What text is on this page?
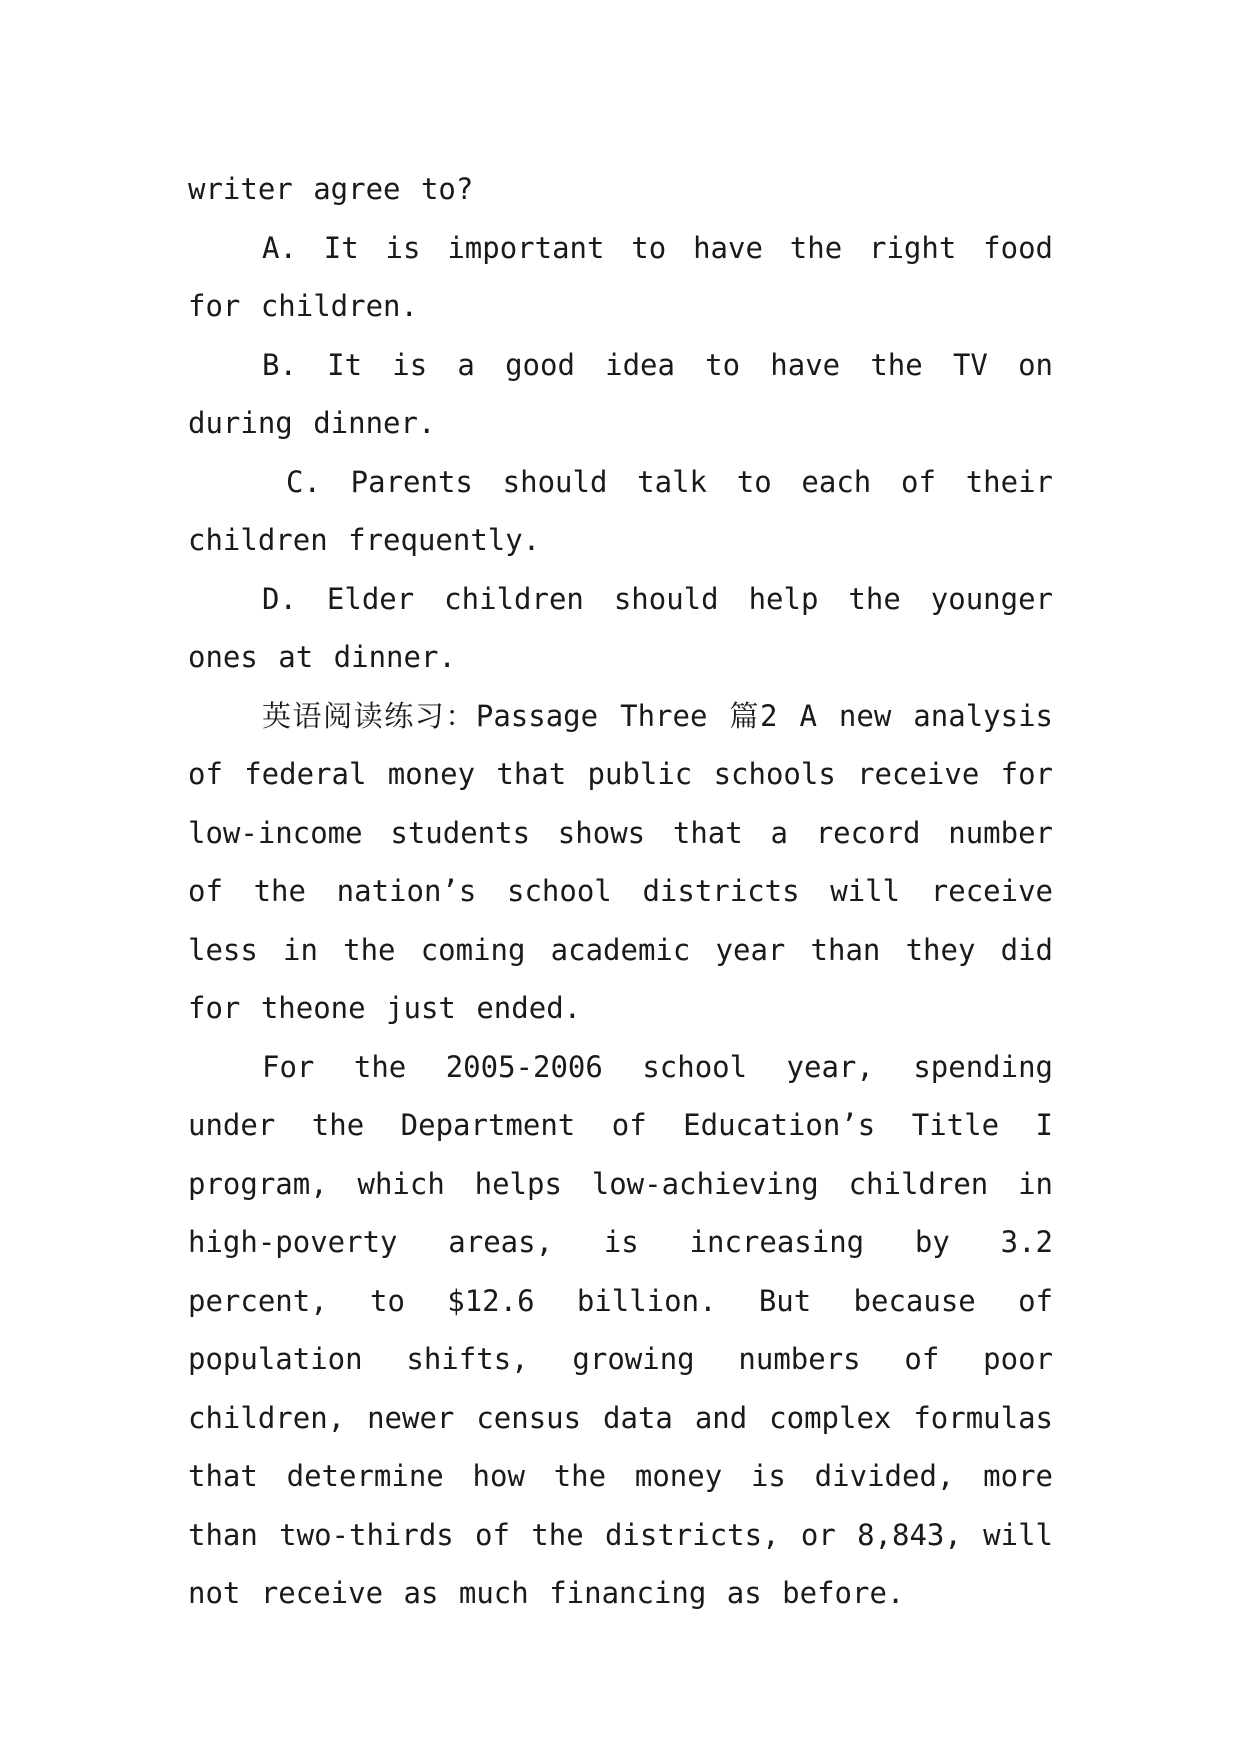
writer agree to?

A. It is important to have the right food for children.

B. It is a good idea to have the TV on during dinner.

C. Parents should talk to each of their children frequently.

D. Elder children should help the younger ones at dinner.

英语阅读练习：Passage Three 篇2 A new analysis of federal money that public schools receive for low-income students shows that a record number of the nation’s school districts will receive less in the coming academic year than they did for theone just ended.

For the 2005-2006 school year, spending under the Department of Education’s Title I program, which helps low-achieving children in high-poverty areas, is increasing by 3.2 percent, to $12.6 billion. But because of population shifts, growing numbers of poor children, newer census data and complex formulas that determine how the money is divided, more than two-thirds of the districts, or 8,843, will not receive as much financing as before.
